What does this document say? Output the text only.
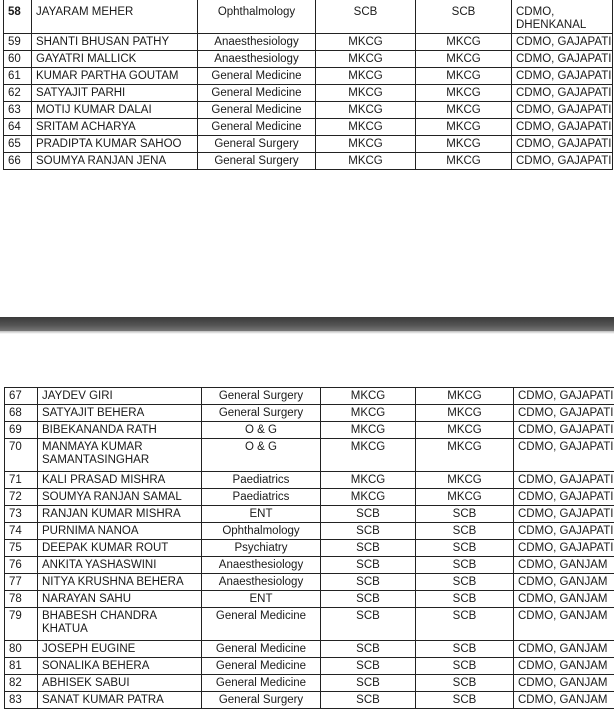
58	JAYARAM MEHER	Ophthalmology	SCB	SCB	CDMO, DHENKANAL
59	SHANTI BHUSAN PATHY	Anaesthesiology	MKCG	MKCG	CDMO, GAJAPATI
60	GAYATRI MALLICK	Anaesthesiology	MKCG	MKCG	CDMO, GAJAPATI
61	KUMAR PARTHA GOUTAM	General Medicine	MKCG	MKCG	CDMO, GAJAPATI
62	SATYAJIT PARHI	General Medicine	MKCG	MKCG	CDMO, GAJAPATI
63	MOTIJ KUMAR DALAI	General Medicine	MKCG	MKCG	CDMO, GAJAPATI
64	SRITAM ACHARYA	General Medicine	MKCG	MKCG	CDMO, GAJAPATI
65	PRADIPTA KUMAR SAHOO	General Surgery	MKCG	MKCG	CDMO, GAJAPATI
66	SOUMYA RANJAN JENA	General Surgery	MKCG	MKCG	CDMO, GAJAPATI
67	JAYDEV GIRI	General Surgery	MKCG	MKCG	CDMO, GAJAPATI
68	SATYAJIT BEHERA	General Surgery	MKCG	MKCG	CDMO, GAJAPATI
69	BIBEKANANDA RATH	O & G	MKCG	MKCG	CDMO, GAJAPATI
70	MANMAYA KUMAR SAMANTASINGHAR	O & G	MKCG	MKCG	CDMO, GAJAPATI
71	KALI PRASAD MISHRA	Paediatrics	MKCG	MKCG	CDMO, GAJAPATI
72	SOUMYA RANJAN SAMAL	Paediatrics	MKCG	MKCG	CDMO, GAJAPATI
73	RANJAN KUMAR MISHRA	ENT	SCB	SCB	CDMO, GAJAPATI
74	PURNIMA NANOA	Ophthalmology	SCB	SCB	CDMO, GAJAPATI
75	DEEPAK KUMAR ROUT	Psychiatry	SCB	SCB	CDMO, GAJAPATI
76	ANKITA YASHASWINI	Anaesthesiology	SCB	SCB	CDMO, GANJAM
77	NITYA KRUSHNA BEHERA	Anaesthesiology	SCB	SCB	CDMO, GANJAM
78	NARAYAN SAHU	ENT	SCB	SCB	CDMO, GANJAM
79	BHABESH CHANDRA KHATUA	General Medicine	SCB	SCB	CDMO, GANJAM
80	JOSEPH EUGINE	General Medicine	SCB	SCB	CDMO, GANJAM
81	SONALIKA BEHERA	General Medicine	SCB	SCB	CDMO, GANJAM
82	ABHISEK SABUI	General Medicine	SCB	SCB	CDMO, GANJAM
83	SANAT KUMAR PATRA	General Surgery	SCB	SCB	CDMO, GANJAM
